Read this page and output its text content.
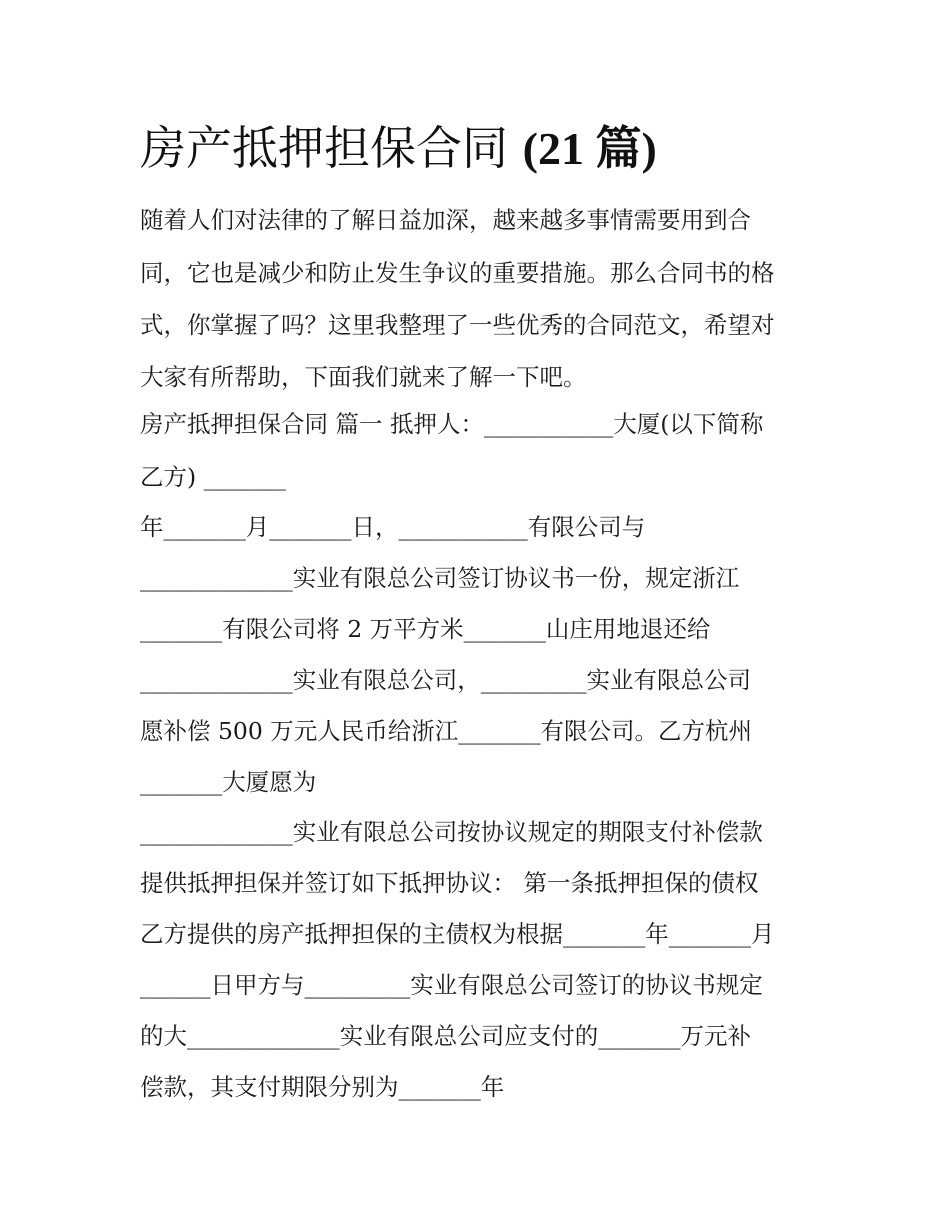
房产抵押担保合同 (21 篇)

随着人们对法律的了解日益加深，越来越多事情需要用到合

同，它也是减少和防止发生争议的重要措施。那么合同书的格

式，你掌握了吗？这里我整理了一些优秀的合同范文，希望对

大家有所帮助，下面我们就来了解一下吧。

房产抵押担保合同 篇一 抵押人：___________大厦(以下简称

乙方) _______

年_______月_______日，___________有限公司与

_____________实业有限总公司签订协议书一份，规定浙江

_______有限公司将 2 万平方米_______山庄用地退还给

_____________实业有限总公司，_________实业有限总公司

愿补偿 500 万元人民币给浙江_______有限公司。乙方杭州

_______大厦愿为

_____________实业有限总公司按协议规定的期限支付补偿款

提供抵押担保并签订如下抵押协议： 第一条抵押担保的债权

乙方提供的房产抵押担保的主债权为根据_______年_______月

______日甲方与_________实业有限总公司签订的协议书规定

的大_____________实业有限总公司应支付的_______万元补

偿款，其支付期限分别为_______年
